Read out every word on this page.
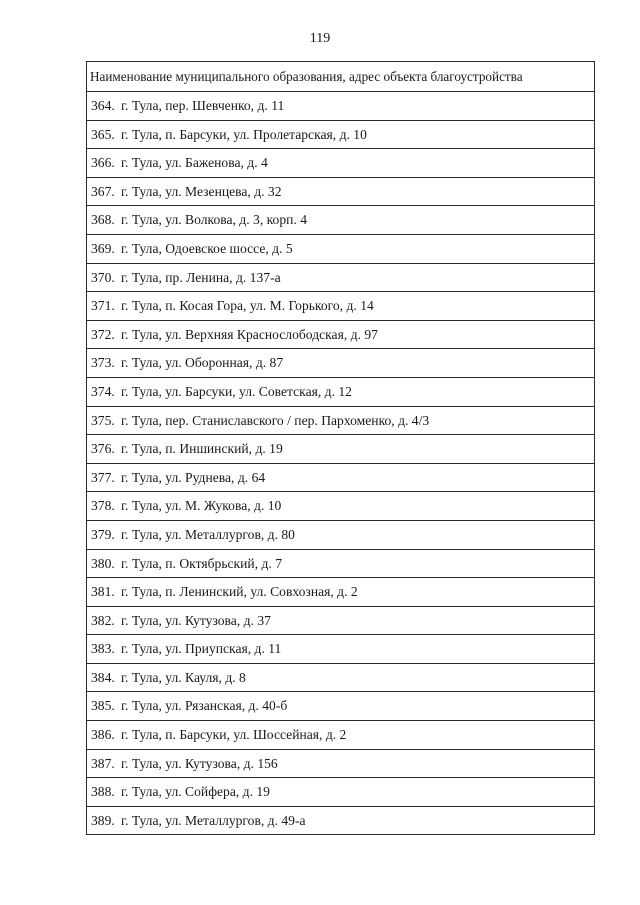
119
Наименование муниципального образования, адрес объекта благоустройства
364. г. Тула, пер. Шевченко, д. 11
365. г. Тула, п. Барсуки, ул. Пролетарская, д. 10
366. г. Тула, ул. Баженова, д. 4
367. г. Тула, ул. Мезенцева, д. 32
368. г. Тула, ул. Волкова, д. 3, корп. 4
369. г. Тула, Одоевское шоссе, д. 5
370. г. Тула, пр. Ленина, д. 137-а
371. г. Тула, п. Косая Гора, ул. М. Горького, д. 14
372. г. Тула, ул. Верхняя Краснослободская, д. 97
373. г. Тула, ул. Оборонная, д. 87
374. г. Тула, ул. Барсуки, ул. Советская, д. 12
375. г. Тула, пер. Станиславского / пер. Пархоменко, д. 4/3
376. г. Тула, п. Иншинский, д. 19
377. г. Тула, ул. Руднева, д. 64
378. г. Тула, ул. М. Жукова, д. 10
379. г. Тула, ул. Металлургов, д. 80
380. г. Тула, п. Октябрьский, д. 7
381. г. Тула, п. Ленинский, ул. Совхозная, д. 2
382. г. Тула, ул. Кутузова, д. 37
383. г. Тула, ул. Приупская, д. 11
384. г. Тула, ул. Кауля, д. 8
385. г. Тула, ул. Рязанская, д. 40-б
386. г. Тула, п. Барсуки, ул. Шоссейная, д. 2
387. г. Тула, ул. Кутузова, д. 156
388. г. Тула, ул. Сойфера, д. 19
389. г. Тула, ул. Металлургов, д. 49-а
